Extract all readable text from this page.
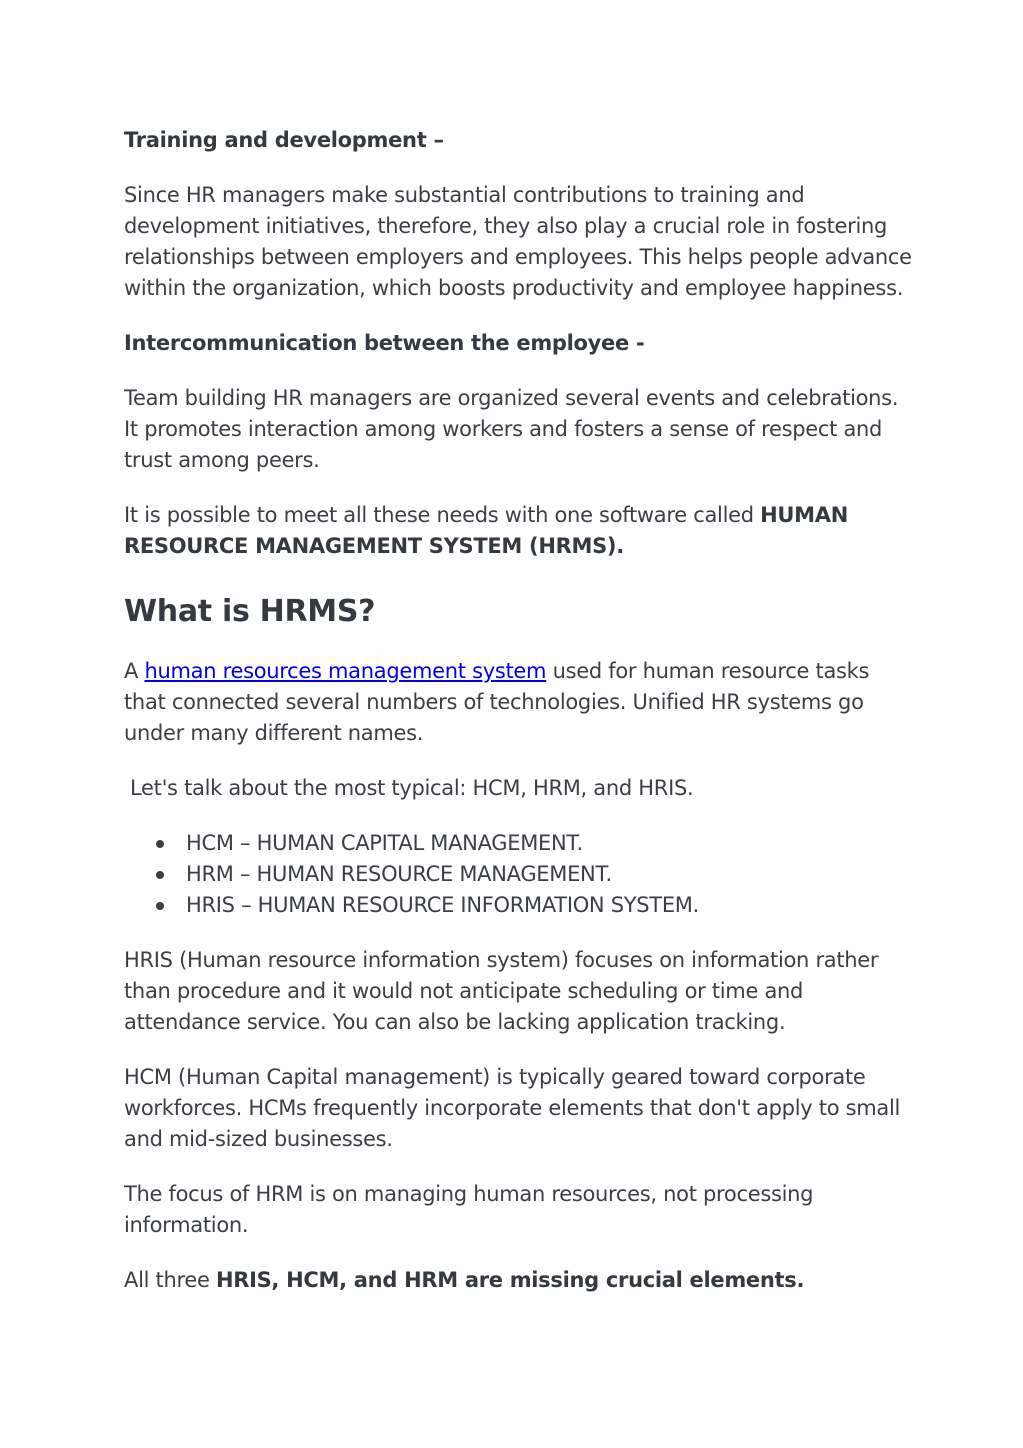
Training and development –

Since HR managers make substantial contributions to training and development initiatives, therefore, they also play a crucial role in fostering relationships between employers and employees. This helps people advance within the organization, which boosts productivity and employee happiness.

Intercommunication between the employee -

Team building HR managers are organized several events and celebrations. It promotes interaction among workers and fosters a sense of respect and trust among peers.

It is possible to meet all these needs with one software called HUMAN RESOURCE MANAGEMENT SYSTEM (HRMS).

What is HRMS?

A human resources management system used for human resource tasks that connected several numbers of technologies. Unified HR systems go under many different names.

Let's talk about the most typical: HCM, HRM, and HRIS.

HCM – HUMAN CAPITAL MANAGEMENT.
HRM – HUMAN RESOURCE MANAGEMENT.
HRIS – HUMAN RESOURCE INFORMATION SYSTEM.

HRIS (Human resource information system) focuses on information rather than procedure and it would not anticipate scheduling or time and attendance service. You can also be lacking application tracking.

HCM (Human Capital management) is typically geared toward corporate workforces. HCMs frequently incorporate elements that don't apply to small and mid-sized businesses.

The focus of HRM is on managing human resources, not processing information.

All three HRIS, HCM, and HRM are missing crucial elements.
